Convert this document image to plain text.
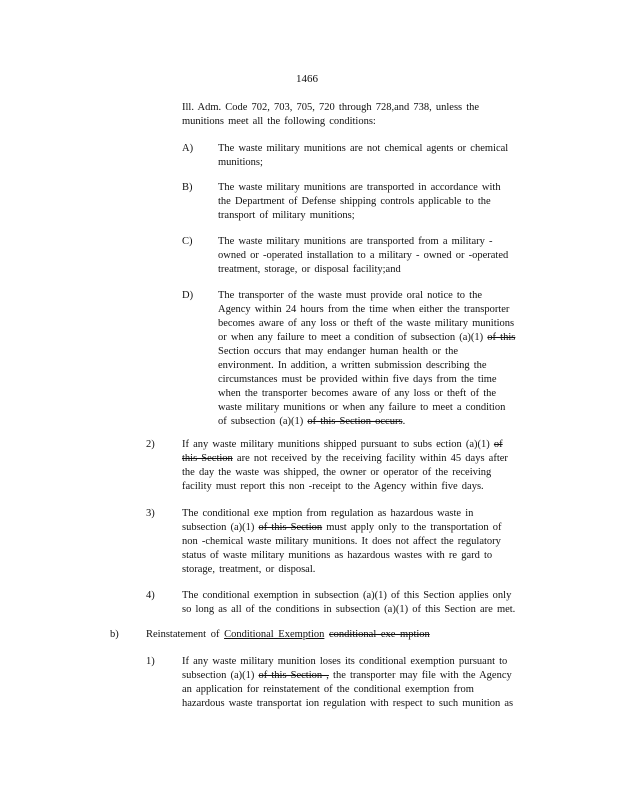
1466
Ill. Adm. Code 702, 703, 705, 720 through 728,and 738, unless the
munitions meet all the following conditions:
A) The waste military munitions are not chemical agents or chemical
munitions;
B) The waste military munitions are transported in accordance with
the Department of Defense shipping controls applicable to the
transport of military munitions;
C) The waste military munitions are transported from a military -
owned or -operated installation to a military - owned or -operated
treatment, storage, or disposal facility;and
D) The transporter of the waste must provide oral notice to the
Agency within 24 hours from the time when either the transporter
becomes aware of any loss or theft of the waste military munitions
or when any failure to meet a condition of subsection (a)(1) of this
Section occurs that may endanger human health or the
environment. In addition, a written submission describing the
circumstances must be provided within five days from the time
when the transporter becomes aware of any loss or theft of the
waste military munitions or when any failure to meet a condition
of subsection (a)(1) of this Section occurs.
2)	If any waste military munitions shipped pursuant to subs ection (a)(1) of
this Section are not received by the receiving facility within 45 days after
the day the waste was shipped, the owner or operator of the receiving
facility must report this non -receipt to the Agency within five days.
3)	The conditional exe mption from regulation as hazardous waste in
subsection (a)(1) of this Section must apply only to the transportation of
non -chemical waste military munitions. It does not affect the regulatory
status of waste military munitions as hazardous wastes with re gard to
storage, treatment, or disposal.
4)	The conditional exemption in subsection (a)(1) of this Section applies only
so long as all of the conditions in subsection (a)(1) of this Section are met.
b)	Reinstatement of Conditional Exemption conditional exe mption
1)	If any waste military munition loses its conditional exemption pursuant to
subsection (a)(1) of this Section , the transporter may file with the Agency
an application for reinstatement of the conditional exemption from
hazardous waste transportat ion regulation with respect to such munition as
